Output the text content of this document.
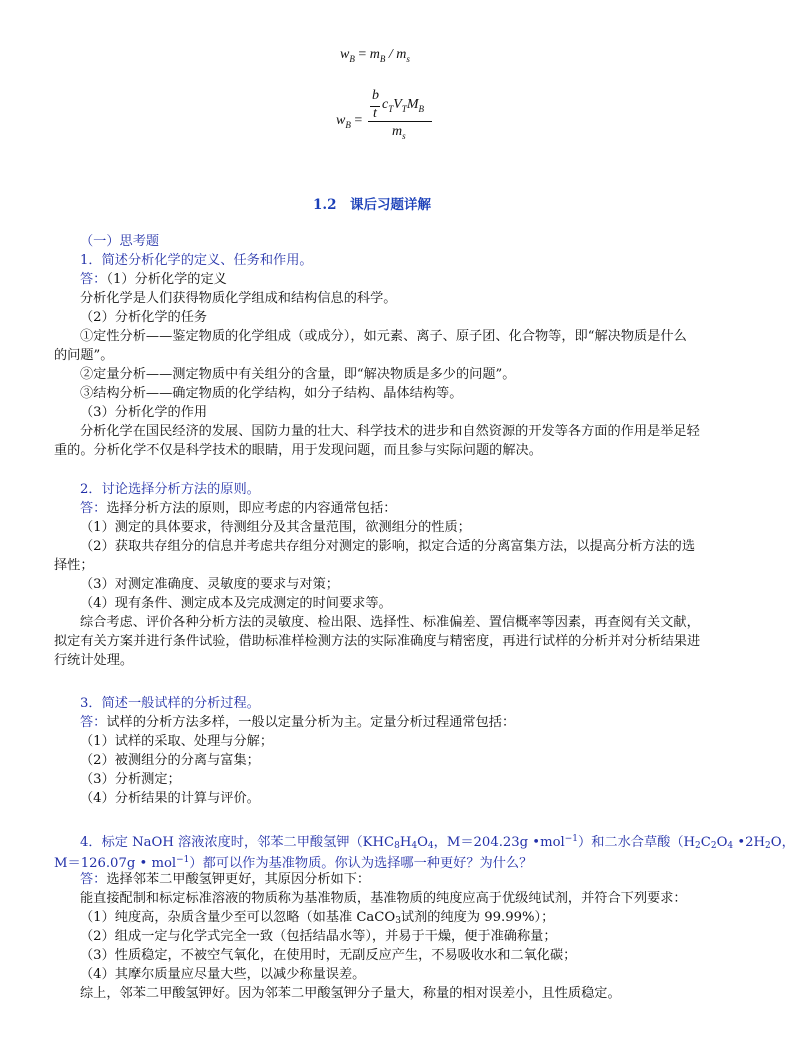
$w_B = m_B / m_s$
$w_B$ =
b
t
$c_TV_TM_B$
$m_s$
1.2　课后习题详解
（一）思考题
1．简述分析化学的定义、任务和作用。
答：（1）分析化学的定义
分析化学是人们获得物质化学组成和结构信息的科学。
（2）分析化学的任务
①定性分析——鉴定物质的化学组成（或成分），如元素、离子、原子团、化合物等，即“解决物质是什么
的问题”。
②定量分析——测定物质中有关组分的含量，即“解决物质是多少的问题”。
③结构分析——确定物质的化学结构，如分子结构、晶体结构等。
（3）分析化学的作用
分析化学在国民经济的发展、国防力量的壮大、科学技术的进步和自然资源的开发等各方面的作用是举足轻
重的。分析化学不仅是科学技术的眼睛，用于发现问题，而且参与实际问题的解决。
2．讨论选择分析方法的原则。
答：选择分析方法的原则，即应考虑的内容通常包括：
（1）测定的具体要求，待测组分及其含量范围，欲测组分的性质；
（2）获取共存组分的信息并考虑共存组分对测定的影响，拟定合适的分离富集方法，以提高分析方法的选
择性；
（3）对测定准确度、灵敏度的要求与对策；
（4）现有条件、测定成本及完成测定的时间要求等。
综合考虑、评价各种分析方法的灵敏度、检出限、选择性、标准偏差、置信概率等因素，再查阅有关文献，
拟定有关方案并进行条件试验，借助标准样检测方法的实际准确度与精密度，再进行试样的分析并对分析结果进
行统计处理。
3．简述一般试样的分析过程。
答：试样的分析方法多样，一般以定量分析为主。定量分析过程通常包括：
（1）试样的采取、处理与分解；
（2）被测组分的分离与富集；
（3）分析测定；
（4）分析结果的计算与评价。
4．标定 NaOH 溶液浓度时，邻苯二甲酸氢钾（$KHC_8H_4O_4$，M＝204.23g •mol$^{-1}$）和二水合草酸（$H_2C_2O_4$ $•2H_2O$，
M＝126.07g • mol$^{-1}$）都可以作为基准物质。你认为选择哪一种更好？为什么？
答：选择邻苯二甲酸氢钾更好，其原因分析如下：
能直接配制和标定标准溶液的物质称为基准物质，基准物质的纯度应高于优级纯试剂，并符合下列要求：
（1）纯度高，杂质含量少至可以忽略（如基准 CaCO$_3$试剂的纯度为 99.99%）；
（2）组成一定与化学式完全一致（包括结晶水等），并易于干燥，便于准确称量；
（3）性质稳定，不被空气氧化，在使用时，无副反应产生，不易吸收水和二氧化碳；
（4）其摩尔质量应尽量大些，以减少称量误差。
综上，邻苯二甲酸氢钾好。因为邻苯二甲酸氢钾分子量大，称量的相对误差小，且性质稳定。
